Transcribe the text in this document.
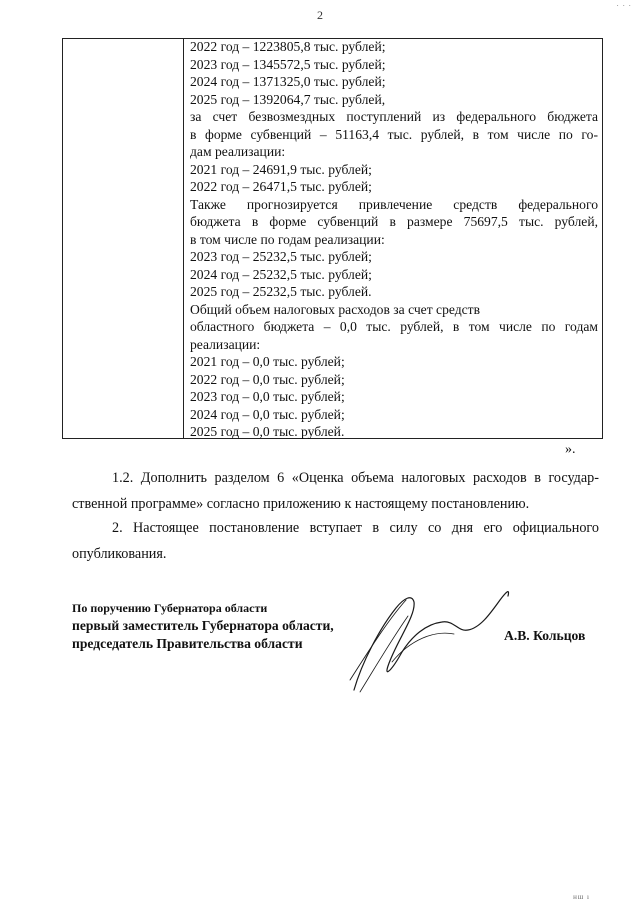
2
· · ·
2022 год – 1223805,8 тыс. рублей;
2023 год – 1345572,5 тыс. рублей;
2024 год – 1371325,0 тыс. рублей;
2025 год – 1392064,7 тыс. рублей,
за счет безвозмездных поступлений из федерального бюджета
в форме субвенций – 51163,4 тыс. рублей, в том числе по го-
дам реализации:
2021 год – 24691,9 тыс. рублей;
2022 год – 26471,5 тыс. рублей;
Также прогнозируется привлечение средств федерального
бюджета в форме субвенций в размере 75697,5 тыс. рублей,
в том числе по годам реализации:
2023 год – 25232,5 тыс. рублей;
2024 год – 25232,5 тыс. рублей;
2025 год – 25232,5 тыс. рублей.
Общий объем налоговых расходов за счет средств
областного бюджета – 0,0 тыс. рублей, в том числе по годам
реализации:
2021 год – 0,0 тыс. рублей;
2022 год – 0,0 тыс. рублей;
2023 год – 0,0 тыс. рублей;
2024 год – 0,0 тыс. рублей;
2025 год – 0,0 тыс. рублей.
».
1.2. Дополнить разделом 6 «Оценка объема налоговых расходов в государ-
ственной программе» согласно приложению к настоящему постановлению.
2. Настоящее постановление вступает в силу со дня его официального
опубликования.
По поручению Губернатора области
первый заместитель Губернатора области,
председатель Правительства области
А.В. Кольцов
нш ı
